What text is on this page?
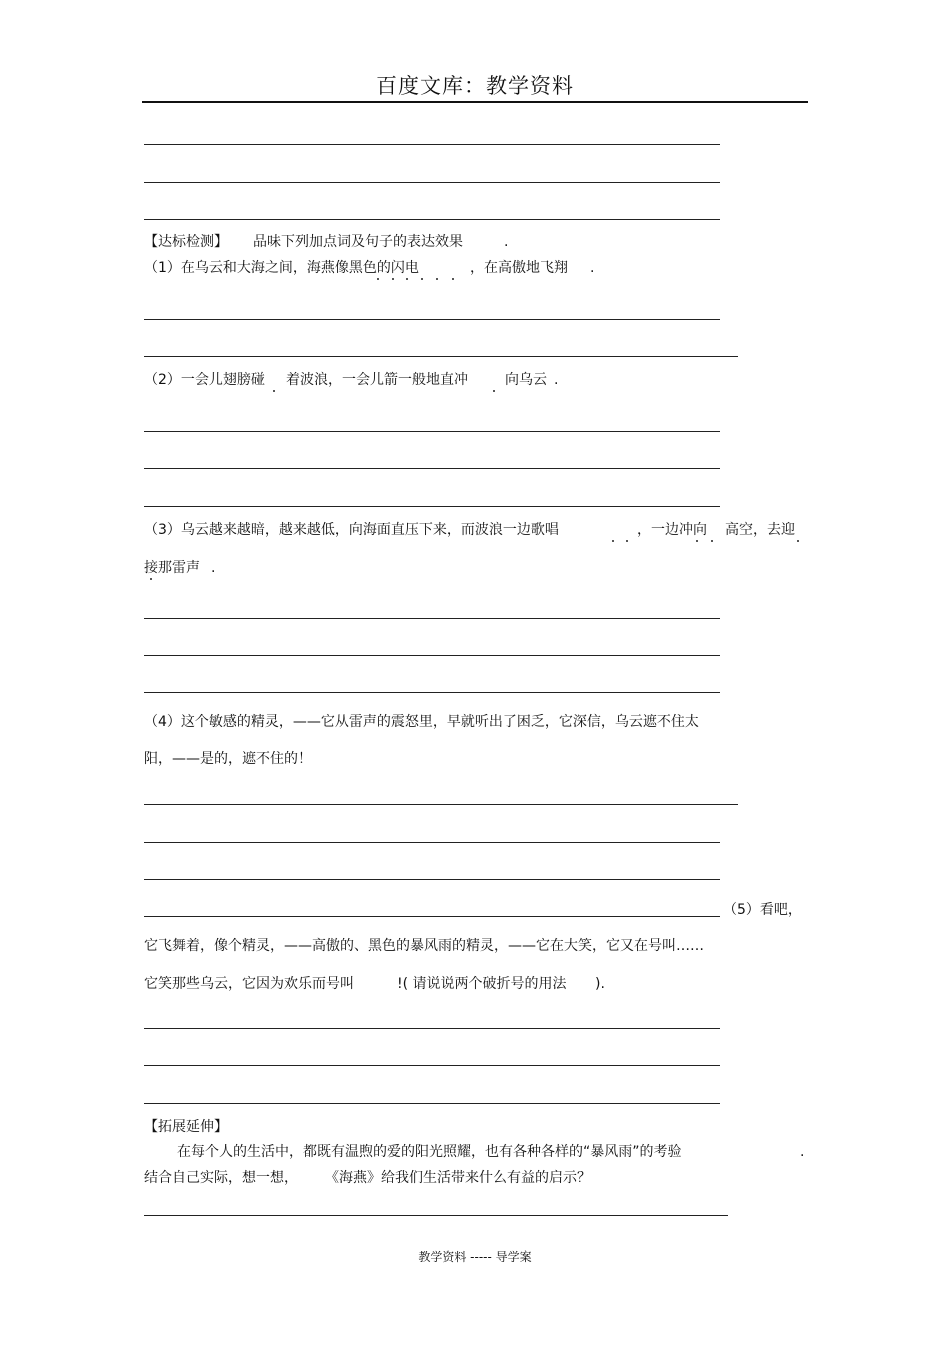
百度文库：教学资料
【达标检测】 品味下列加点词及句子的表达效果	.
（1）在乌云和大海之间，海燕像黑色的闪电	，在高傲地飞翔 .
（2）一会儿翅膀碰 着波浪，一会儿箭一般地直冲	向乌云 .
（3）乌云越来越暗，越来越低，向海面直压下来，而波浪一边歌唱	，一边冲向 高空，去迎
接那雷声 .
（4）这个敏感的精灵，——它从雷声的震怒里，早就听出了困乏，它深信，乌云遮不住太
阳，——是的，遮不住的！
（5）看吧，
它飞舞着，像个精灵，——高傲的、黑色的暴风雨的精灵，——它在大笑，它又在号叫……
它笑那些乌云，它因为欢乐而号叫	!( 请说说两个破折号的用法 ).
【拓展延伸】
在每个人的生活中，都既有温煦的爱的阳光照耀，也有各种各样的“暴风雨”的考验	.
结合自己实际，想一想， 《海燕》给我们生活带来什么有益的启示？
教学资料 ----- 导学案
